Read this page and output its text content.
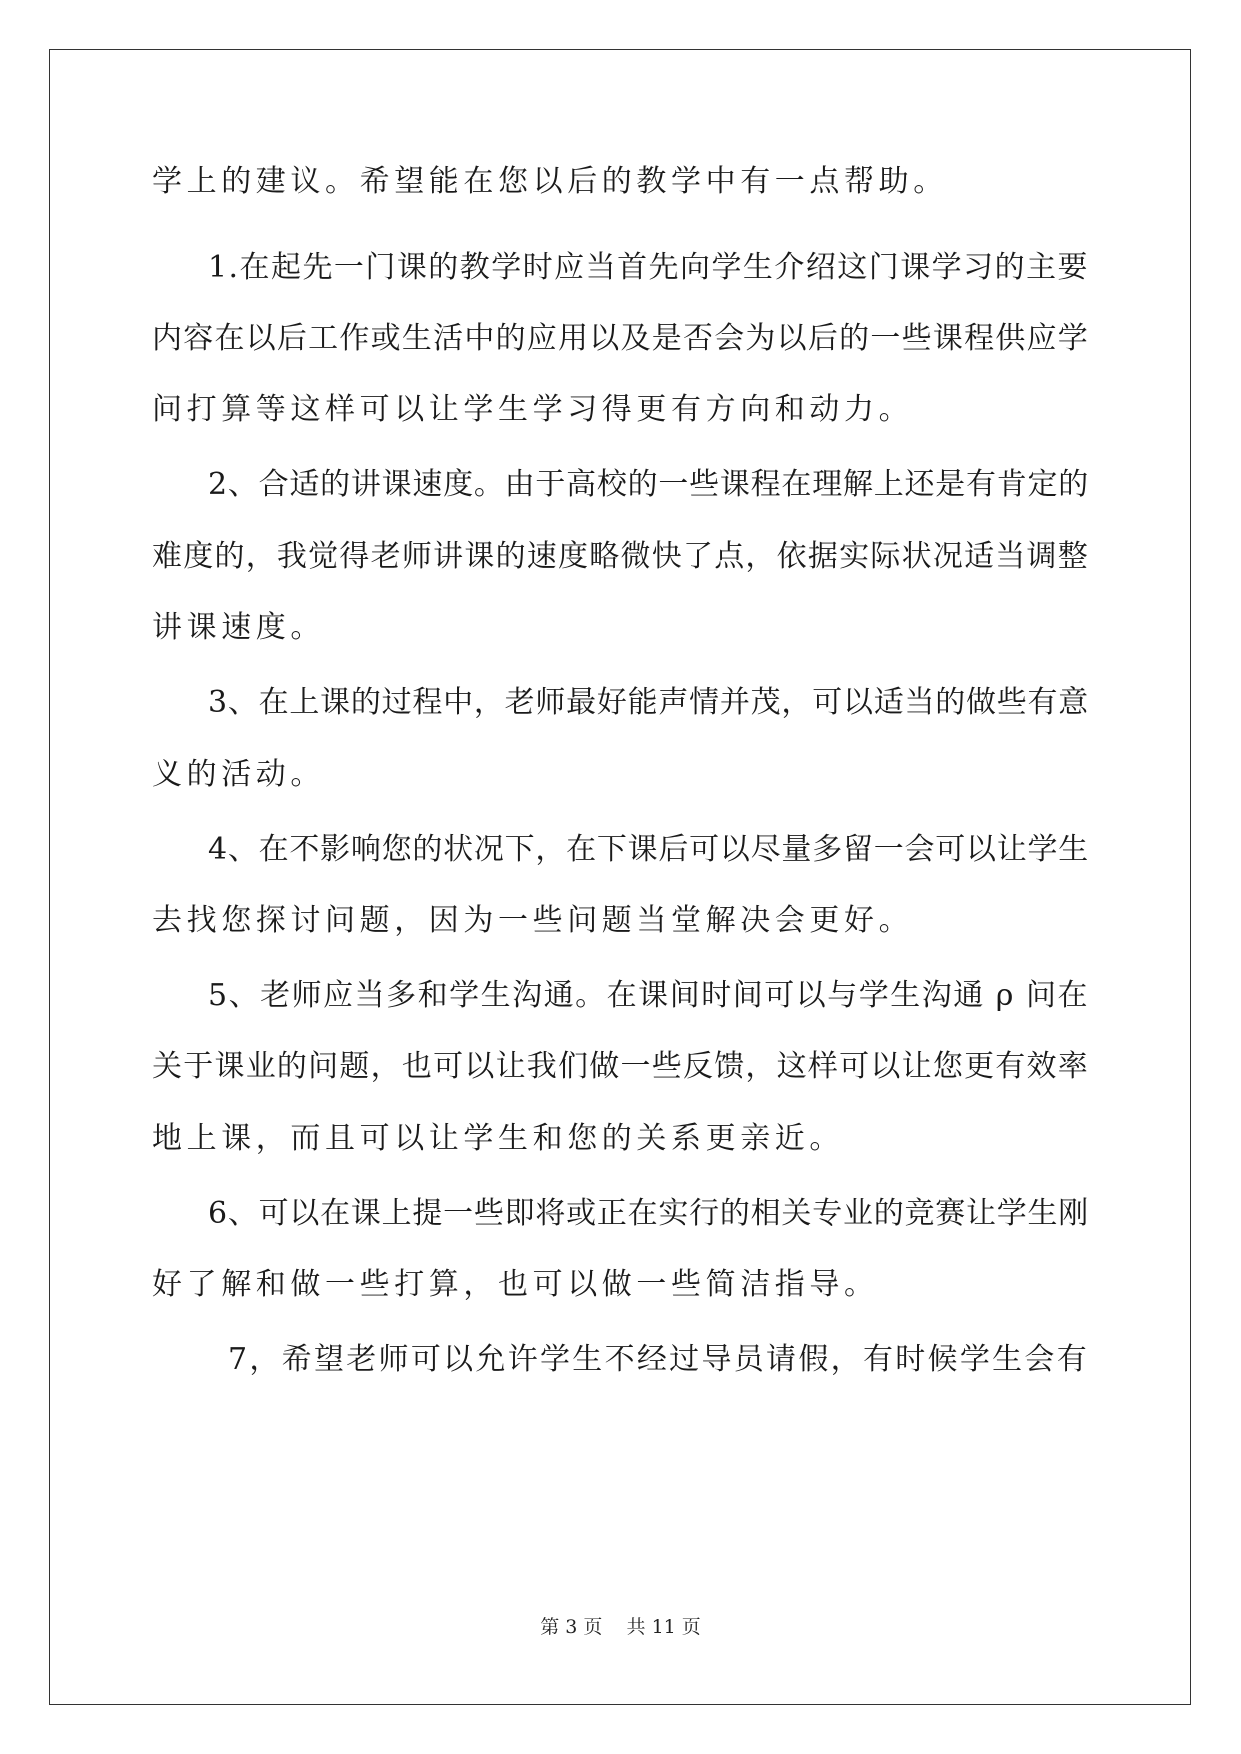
学上的建议。希望能在您以后的教学中有一点帮助。
1.在起先一门课的教学时应当首先向学生介绍这门课学习的主要
内容在以后工作或生活中的应用以及是否会为以后的一些课程供应学
问打算等这样可以让学生学习得更有方向和动力。
2、合适的讲课速度。由于高校的一些课程在理解上还是有肯定的
难度的，我觉得老师讲课的速度略微快了点，依据实际状况适当调整
讲课速度。
3、在上课的过程中，老师最好能声情并茂，可以适当的做些有意
义的活动。
4、在不影响您的状况下，在下课后可以尽量多留一会可以让学生
去找您探讨问题，因为一些问题当堂解决会更好。
5、老师应当多和学生沟通。在课间时间可以与学生沟通 ρ 问在
关于课业的问题，也可以让我们做一些反馈，这样可以让您更有效率
地上课，而且可以让学生和您的关系更亲近。
6、可以在课上提一些即将或正在实行的相关专业的竞赛让学生刚
好了解和做一些打算，也可以做一些简洁指导。
7，希望老师可以允许学生不经过导员请假，有时候学生会有
第 3 页    共 11 页
